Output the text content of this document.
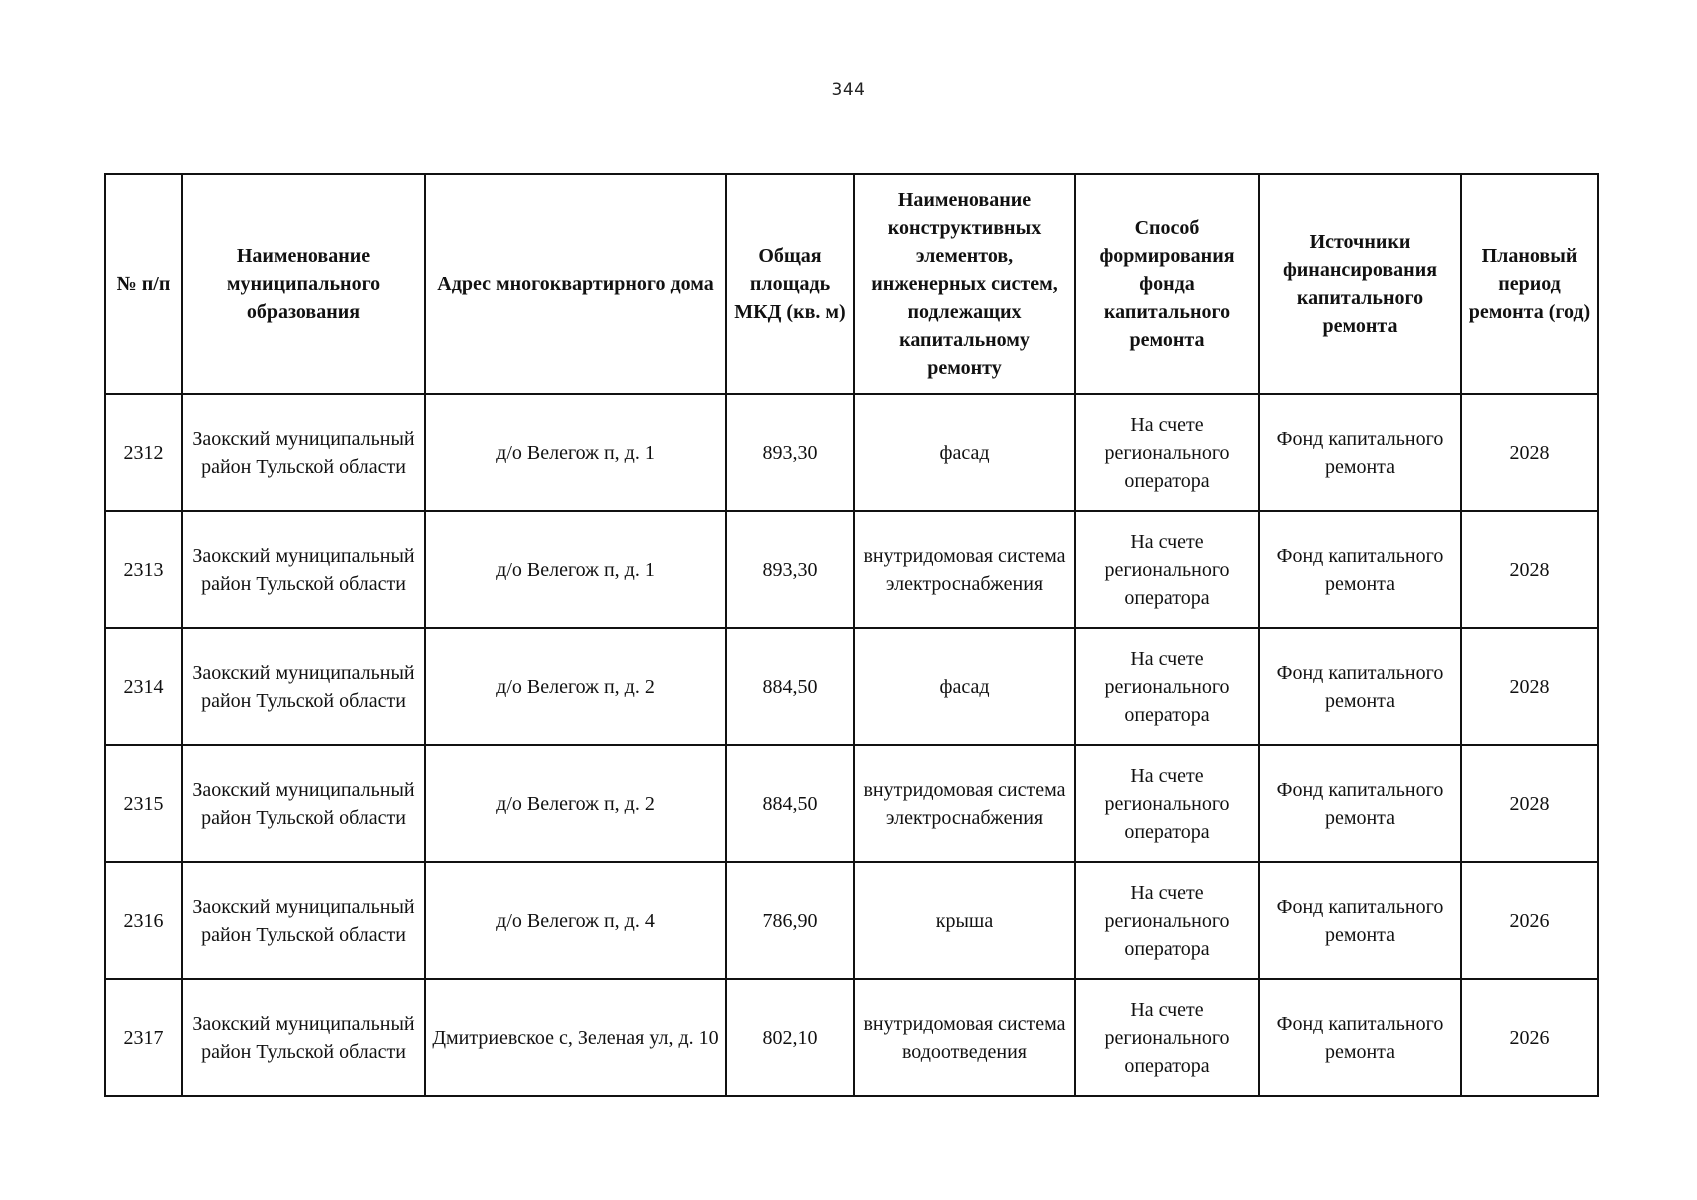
344
№ п/п	Наименование муниципального образования	Адрес многоквартирного дома	Общая площадь МКД (кв. м)	Наименование конструктивных элементов, инженерных систем, подлежащих капитальному ремонту	Способ формирования фонда капитального ремонта	Источники финансирования капитального ремонта	Плановый период ремонта (год)
2312	Заокский муниципальный район Тульской области	д/о Велегож п, д. 1	893,30	фасад	На счете регионального оператора	Фонд капитального ремонта	2028
2313	Заокский муниципальный район Тульской области	д/о Велегож п, д. 1	893,30	внутридомовая система электроснабжения	На счете регионального оператора	Фонд капитального ремонта	2028
2314	Заокский муниципальный район Тульской области	д/о Велегож п, д. 2	884,50	фасад	На счете регионального оператора	Фонд капитального ремонта	2028
2315	Заокский муниципальный район Тульской области	д/о Велегож п, д. 2	884,50	внутридомовая система электроснабжения	На счете регионального оператора	Фонд капитального ремонта	2028
2316	Заокский муниципальный район Тульской области	д/о Велегож п, д. 4	786,90	крыша	На счете регионального оператора	Фонд капитального ремонта	2026
2317	Заокский муниципальный район Тульской области	Дмитриевское с, Зеленая ул, д. 10	802,10	внутридомовая система водоотведения	На счете регионального оператора	Фонд капитального ремонта	2026
